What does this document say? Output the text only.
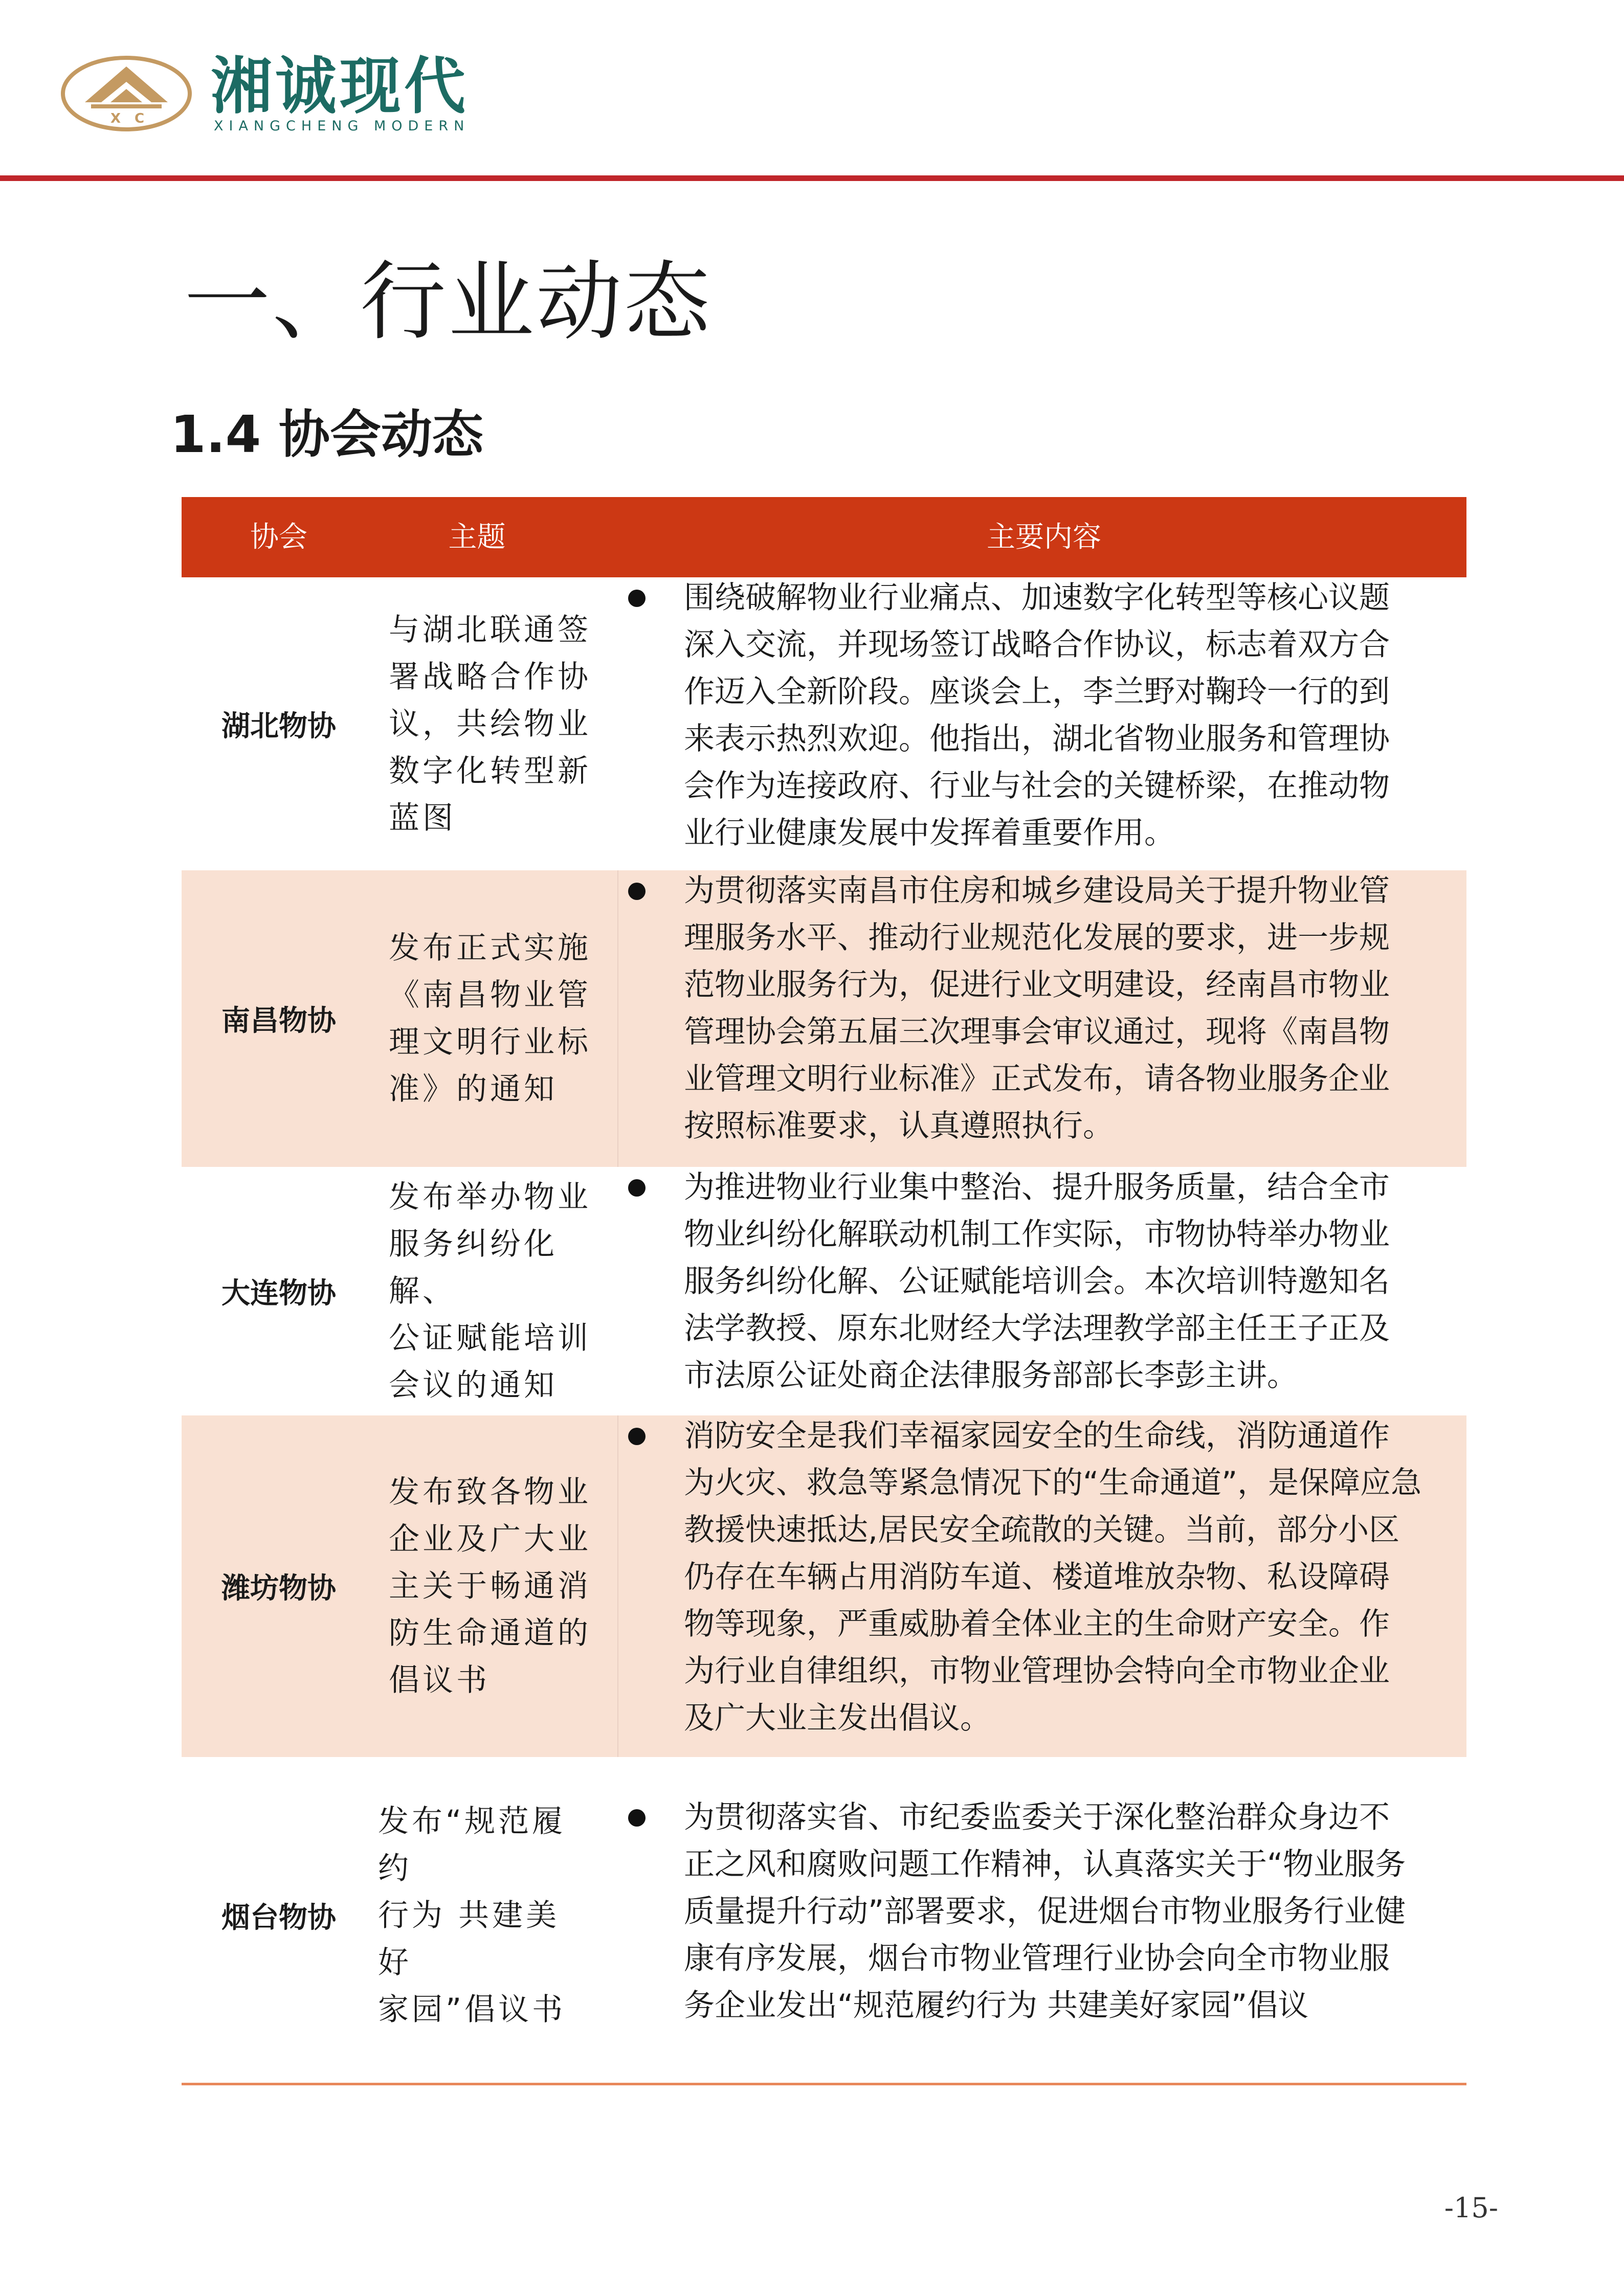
X C 湘诚现代
XIANGCHENG MODERN
一、行业动态
1.4 协会动态
协会	主题	主要内容
湖北物协
与湖北联通签
署战略合作协
议，共绘物业
数字化转型新
蓝图
围绕破解物业行业痛点、加速数字化转型等核心议题
深入交流，并现场签订战略合作协议，标志着双方合
作迈入全新阶段。座谈会上，李兰野对鞠玲一行的到
来表示热烈欢迎。他指出，湖北省物业服务和管理协
会作为连接政府、行业与社会的关键桥梁，在推动物
业行业健康发展中发挥着重要作用。
南昌物协
发布正式实施
《南昌物业管
理文明行业标
准》的通知
为贯彻落实南昌市住房和城乡建设局关于提升物业管
理服务水平、推动行业规范化发展的要求，进一步规
范物业服务行为，促进行业文明建设，经南昌市物业
管理协会第五届三次理事会审议通过，现将《南昌物
业管理文明行业标准》正式发布，请各物业服务企业
按照标准要求，认真遵照执行。
大连物协
发布举办物业
服务纠纷化解、
公证赋能培训
会议的通知
为推进物业行业集中整治、提升服务质量，结合全市
物业纠纷化解联动机制工作实际，市物协特举办物业
服务纠纷化解、公证赋能培训会。本次培训特邀知名
法学教授、原东北财经大学法理教学部主任王子正及
市法原公证处商企法律服务部部长李彭主讲。
潍坊物协
发布致各物业
企业及广大业
主关于畅通消
防生命通道的
倡议书
消防安全是我们幸福家园安全的生命线，消防通道作
为火灾、救急等紧急情况下的“生命通道”，是保障应急
教援快速抵达,居民安全疏散的关键。当前，部分小区
仍存在车辆占用消防车道、楼道堆放杂物、私设障碍
物等现象，严重威胁着全体业主的生命财产安全。作
为行业自律组织，市物业管理协会特向全市物业企业
及广大业主发出倡议。
烟台物协
发布“规范履约
行为 共建美好
家园”倡议书
为贯彻落实省、市纪委监委关于深化整治群众身边不
正之风和腐败问题工作精神，认真落实关于“物业服务
质量提升行动”部署要求，促进烟台市物业服务行业健
康有序发展，烟台市物业管理行业协会向全市物业服
务企业发出“规范履约行为 共建美好家园”倡议
-15-
